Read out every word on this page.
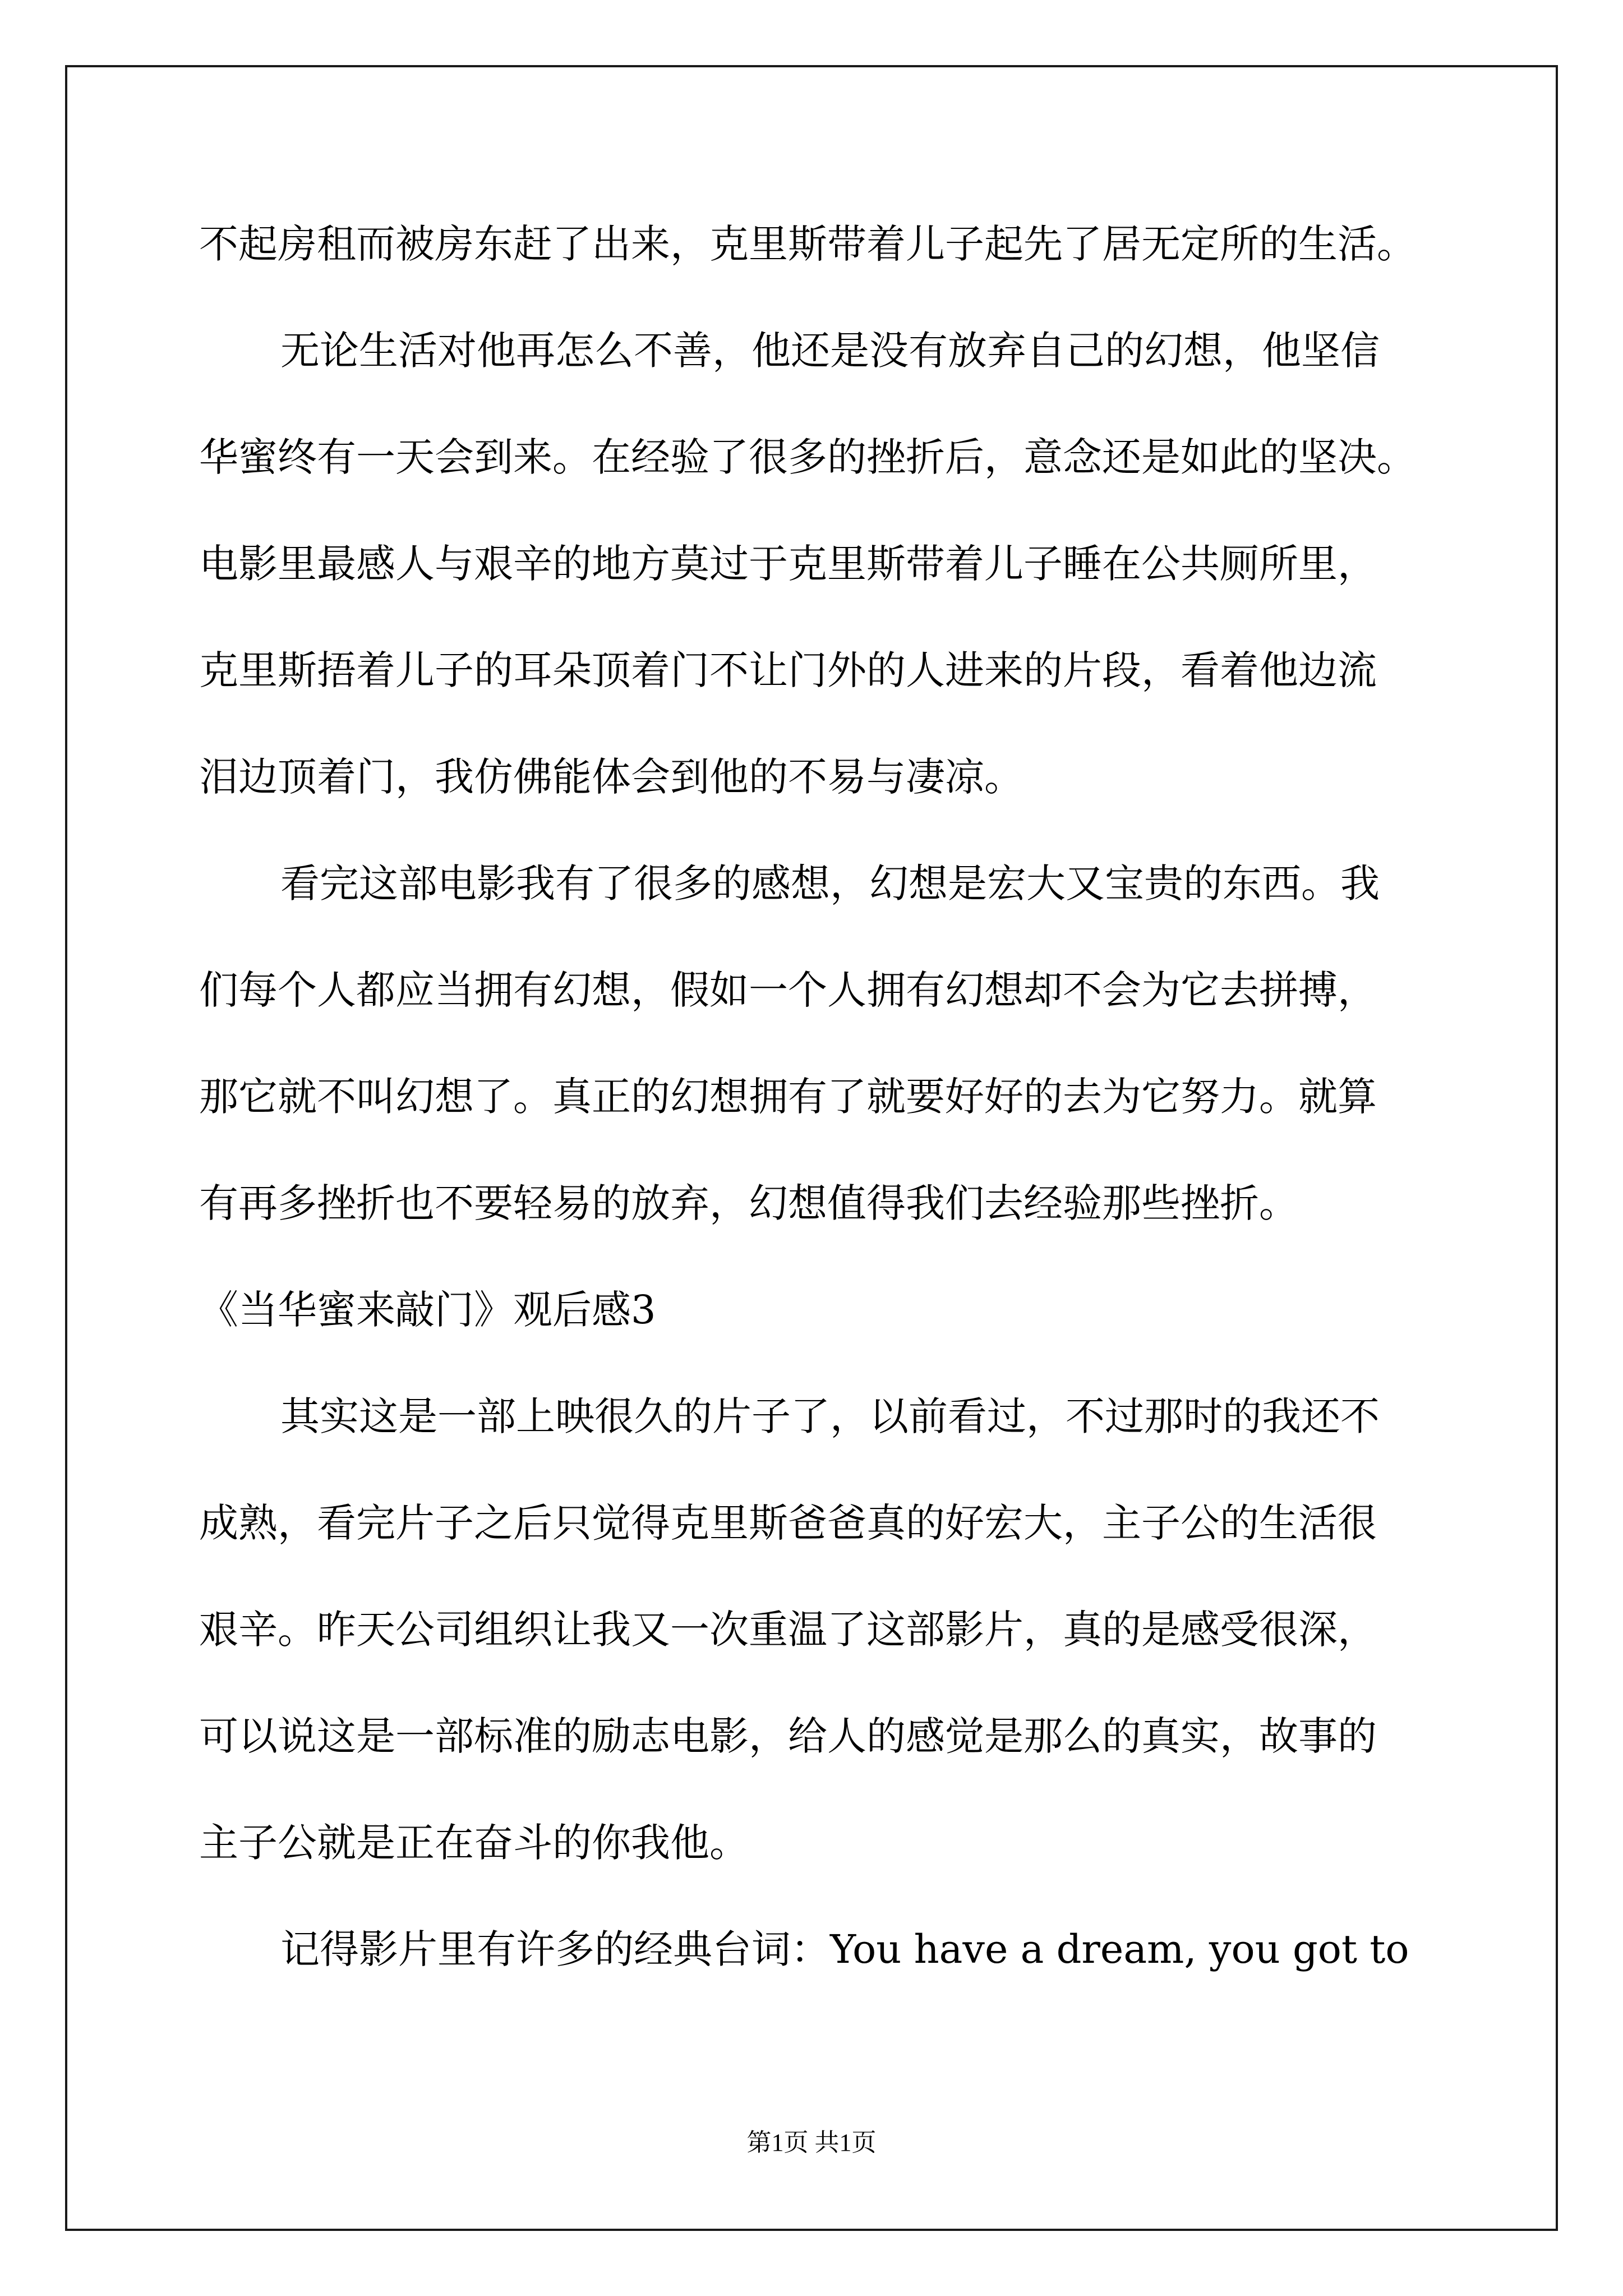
不起房租而被房东赶了出来，克里斯带着儿子起先了居无定所的生活。
无论生活对他再怎么不善，他还是没有放弃自己的幻想，他坚信
华蜜终有一天会到来。在经验了很多的挫折后，意念还是如此的坚决。
电影里最感人与艰辛的地方莫过于克里斯带着儿子睡在公共厕所里，
克里斯捂着儿子的耳朵顶着门不让门外的人进来的片段，看着他边流
泪边顶着门，我仿佛能体会到他的不易与凄凉。
看完这部电影我有了很多的感想，幻想是宏大又宝贵的东西。我
们每个人都应当拥有幻想，假如一个人拥有幻想却不会为它去拼搏，
那它就不叫幻想了。真正的幻想拥有了就要好好的去为它努力。就算
有再多挫折也不要轻易的放弃，幻想值得我们去经验那些挫折。
《当华蜜来敲门》观后感3
其实这是一部上映很久的片子了，以前看过，不过那时的我还不
成熟，看完片子之后只觉得克里斯爸爸真的好宏大，主子公的生活很
艰辛。昨天公司组织让我又一次重温了这部影片，真的是感受很深，
可以说这是一部标准的励志电影，给人的感觉是那么的真实，故事的
主子公就是正在奋斗的你我他。
记得影片里有许多的经典台词：You have a dream, you got to
第1页 共1页
